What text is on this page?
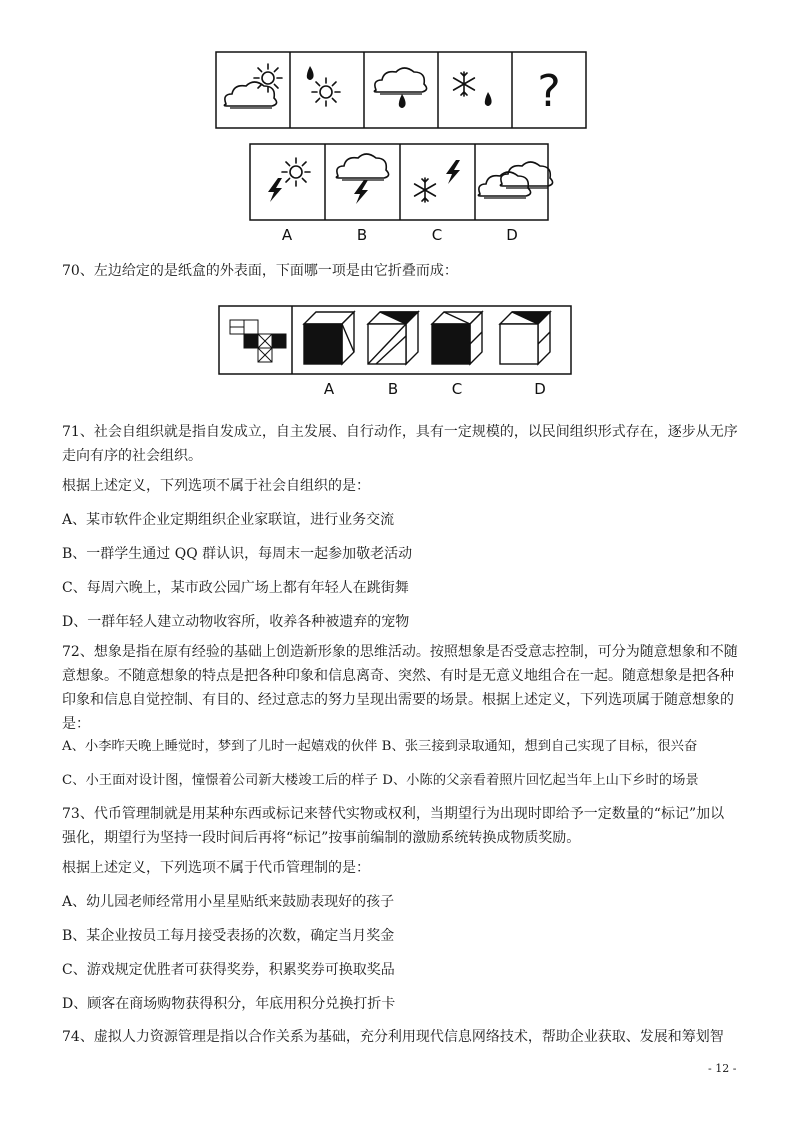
?
A	B	C	D
70、左边给定的是纸盒的外表面，下面哪一项是由它折叠而成：
A	B	C	D
71、社会自组织就是指自发成立，自主发展、自行动作，具有一定规模的，以民间组织形式存在，逐步从无序走向有序的社会组织。
根据上述定义，下列选项不属于社会自组织的是：
A、某市软件企业定期组织企业家联谊，进行业务交流
B、一群学生通过 QQ 群认识，每周末一起参加敬老活动
C、每周六晚上，某市政公园广场上都有年轻人在跳街舞
D、一群年轻人建立动物收容所，收养各种被遗弃的宠物
72、想象是指在原有经验的基础上创造新形象的思维活动。按照想象是否受意志控制，可分为随意想象和不随意想象。不随意想象的特点是把各种印象和信息离奇、突然、有时是无意义地组合在一起。随意想象是把各种印象和信息自觉控制、有目的、经过意志的努力呈现出需要的场景。根据上述定义，下列选项属于随意想象的是：
A、小李昨天晚上睡觉时，梦到了儿时一起嬉戏的伙伴 B、张三接到录取通知，想到自己实现了目标，很兴奋
C、小王面对设计图，憧憬着公司新大楼竣工后的样子 D、小陈的父亲看着照片回忆起当年上山下乡时的场景
73、代币管理制就是用某种东西或标记来替代实物或权利，当期望行为出现时即给予一定数量的“标记”加以强化，期望行为坚持一段时间后再将“标记”按事前编制的激励系统转换成物质奖励。
根据上述定义，下列选项不属于代币管理制的是：
A、幼儿园老师经常用小星星贴纸来鼓励表现好的孩子
B、某企业按员工每月接受表扬的次数，确定当月奖金
C、游戏规定优胜者可获得奖券，积累奖券可换取奖品
D、顾客在商场购物获得积分，年底用积分兑换打折卡
74、虚拟人力资源管理是指以合作关系为基础，充分利用现代信息网络技术，帮助企业获取、发展和筹划智
- 12 -
